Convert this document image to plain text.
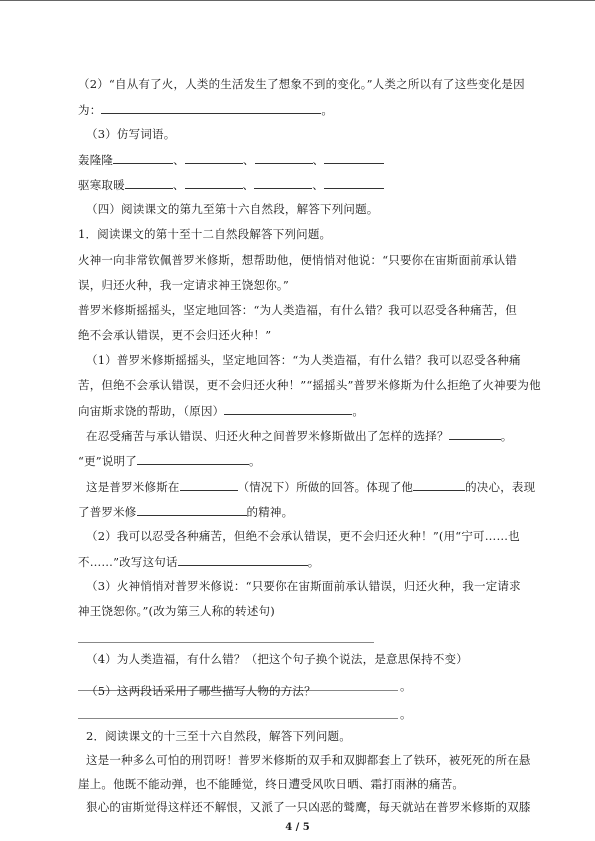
（2）“自从有了火，人类的生活发生了想象不到的变化。”人类之所以有了这些变化是因
为：	。
（3）仿写词语。
轰隆隆	、	、	、
驱寒取暖	、	、	、
（四）阅读课文的第九至第十六自然段，解答下列问题。
1．阅读课文的第十至十二自然段解答下列问题。
火神一向非常钦佩普罗米修斯，想帮助他，便悄悄对他说：“只要你在宙斯面前承认错
误，归还火种，我一定请求神王饶恕你。”
普罗米修斯摇摇头，坚定地回答：“为人类造福，有什么错？我可以忍受各种痛苦，但
绝不会承认错误，更不会归还火种！”
（1）普罗米修斯摇摇头，坚定地回答：“为人类造福，有什么错？我可以忍受各种痛
苦，但绝不会承认错误，更不会归还火种！”“摇摇头”普罗米修斯为什么拒绝了火神要为他
向宙斯求饶的帮助，（原因）	。
在忍受痛苦与承认错误、归还火种之间普罗米修斯做出了怎样的选择？	。
“更”说明了	。
这是普罗米修斯在	（情况下）所做的回答。体现了他	的决心，表现
了普罗米修	的精神。
（2）我可以忍受各种痛苦，但绝不会承认错误，更不会归还火种！”(用“宁可……也
不……”改写这句话	。
（3）火神悄悄对普罗米修说：“只要你在宙斯面前承认错误，归还火种，我一定请求
神王饶恕你。”(改为第三人称的转述句)
（4）为人类造福，有什么错？（把这个句子换个说法，是意思保持不变）
。
（5）这两段话采用了哪些描写人物的方法？
。
2．阅读课文的十三至十六自然段，解答下列问题。
这是一种多么可怕的刑罚呀！普罗米修斯的双手和双脚都套上了铁环，被死死的所在悬
崖上。他既不能动弹，也不能睡觉，终日遭受风吹日晒、霜打雨淋的痛苦。
狠心的宙斯觉得这样还不解恨，又派了一只凶恶的鹫鹰，每天就站在普罗米修斯的双膝
4 / 5
